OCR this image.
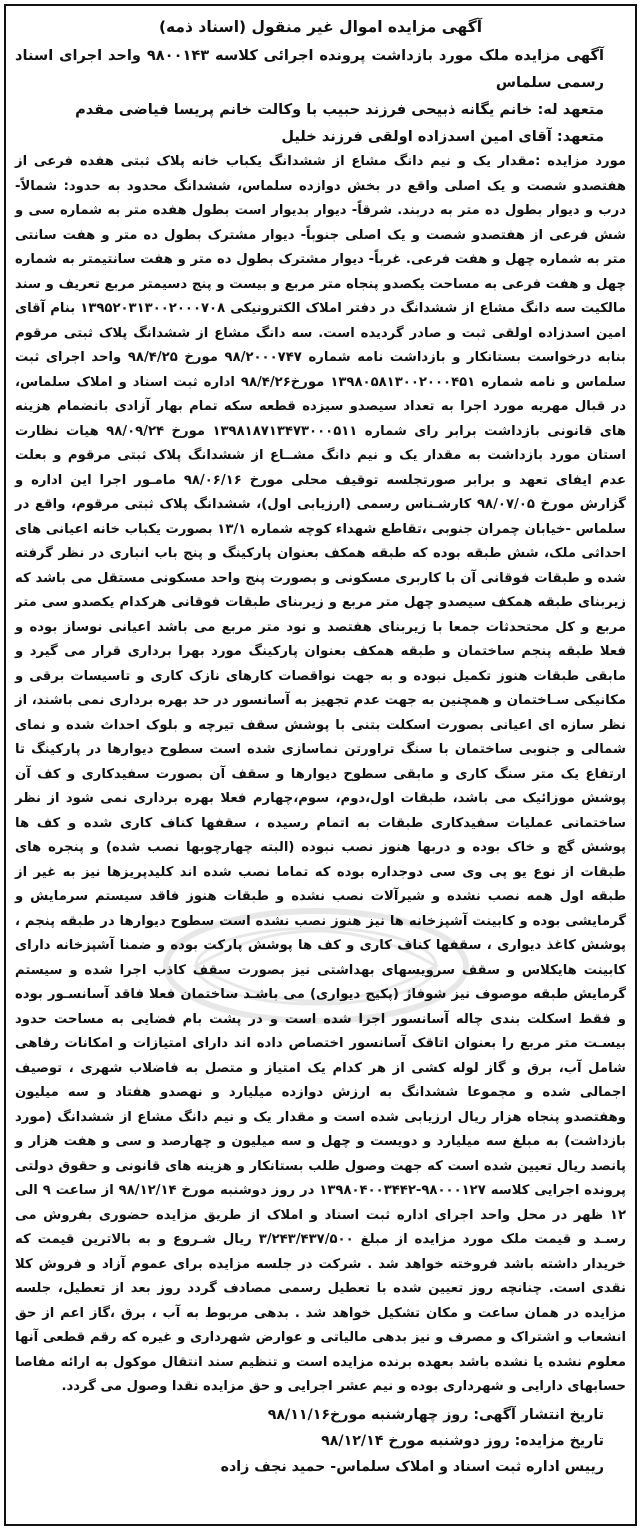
آگهی مزایده اموال غیر منقول (اسناد ذمه)
آگهی مزایده ملک مورد بازداشت پرونده اجرائی کلاسه ۹۸۰۰۱۴۳ واحد اجرای اسناد رسمی سلماس
متعهد له: خانم یگانه ذبیحی فرزند حبیب با وکالت خانم پریسا فیاضی مقدم
متعهد: آقای امین اسدزاده اولقی فرزند خلیل
مورد مزایده :مقدار یک و نیم دانگ مشاع از ششدانگ یکباب خانه پلاک ثبتی هفده فرعی از هفتصدو شصت و یک اصلی واقع در بخش دوازده سلماس، ششدانگ محدود به حدود: شمالاً- درب و دیوار بطول ده متر به دربند. شرقاً- دیوار بدیوار است بطول هفده متر به شماره سی و شش فرعی از هفتصدو شصت و یک اصلی جنوباً- دیوار مشترک بطول ده متر و هفت سانتی متر به شماره چهل و هفت فرعی. غرباً- دیوار مشترک بطول ده متر و هفت سانتیمتر به شماره چهل و هفت فرعی به مساحت یکصدو پنجاه متر مربع و بیست و پنج دسیمتر مربع تعریف و سند مالکیت سه دانگ مشاع از ششدانگ در دفتر املاک الکترونیکی ۱۳۹۵۲۰۳۱۳۰۰۲۰۰۰۷۰۸ بنام آقای امین اسدزاده اولقی ثبت و صادر گردیده است. سه دانگ مشاع از ششدانگ پلاک ثبتی مرقوم بنابه درخواست بستانکار و بازداشت نامه شماره ۹۸/۲۰۰۰۷۴۷ مورخ ۹۸/۴/۲۵ واحد اجرای ثبت سلماس و نامه شماره ۱۳۹۸۰۵۸۱۳۰۰۲۰۰۰۴۵۱ مورخ۹۸/۴/۲۶ اداره ثبت اسناد و املاک سلماس، در قبال مهریه مورد اجرا به تعداد سیصدو سیزده قطعه سکه تمام بهار آزادی بانضمام هزینه های قانونی بازداشت برابر رای شماره ۱۳۹۸۱۸۷۱۳۴۷۳۰۰۰۵۱۱ مورخ ۹۸/۰۹/۲۴ هیات نظارت استان مورد بازداشت به مقدار یک و نیم دانگ مشــاع از ششدانگ پلاک ثبتی مرقوم و بعلت عدم ایفای تعهد و برابر صورتجلسه توقیف محلی مورخ ۹۸/۰۶/۱۶ مامـور اجرا این اداره و گزارش مورخ ۹۸/۰۷/۰۵ کارشـناس رسمی (ارزیابی اول)، ششدانگ پلاک ثبتی مرقوم، واقع در سلماس -خیابان چمران جنوبی ،تقاطع شهداء کوچه شماره ۱۳/۱ بصورت یکباب خانه اعیانی های احداثی ملک، شش طبقه بوده که طبقه همکف بعنوان پارکینگ و پنج باب انباری در نظر گرفته شده و طبقات فوقانی آن با کاربری مسکونی و بصورت پنج واحد مسکونی مستقل می باشد که زیربنای طبقه همکف سیصدو چهل متر مربع و زیربنای طبقات فوقانی هرکدام یکصدو سی متر مربع و کل محتحدثات جمعا با زیربنای هفتصد و نود متر مربع می باشد اعیانی نوساز بوده و فعلا طبقه پنجم ساختمان و طبقه همکف بعنوان پارکینگ مورد بهرا برداری قرار می گیرد و مابقی طبقات هنوز تکمیل نبوده و به جهت نواقصات کارهای نازک کاری و تاسیسات برقی و مکانیکی سـاختمان و همچنین به جهت عدم تجهیز به آسانسور در حد بهره برداری نمی باشند، از نظر سازه ای اعیانی بصورت اسکلت بتنی با پوشش سقف تیرچه و بلوک احداث شده و نمای شمالی و جنوبی ساختمان با سنگ تراورتن نماسازی شده است سطوح دیوارها در پارکینگ تا ارتفاع یک متر سنگ کاری و مابقی سطوح دیوارها و سقف آن بصورت سفیدکاری و کف آن پوشش موزائیک می باشد، طبقات اول،دوم، سوم،چهارم فعلا بهره برداری نمی شود از نظر ساختمانی عملیات سفیدکاری طبقات به اتمام رسیده ، سقفها کناف کاری شده و کف ها پوشش گچ و خاک بوده و دربها هنوز نصب نبوده (البته چهارچوبها نصب شده) و پنجره های طبقات از نوع یو پی وی سی دوجداره بوده که تماما نصب شده اند کلیدپریزها نیز به غیر از طبقه اول همه نصب نشده و شیرآلات نصب نشده و طبقات هنوز فاقد سیستم سرمایش و گرمایشی بوده و کابینت آشپزخانه ها نیز هنوز نصب نشده است سطوح دیوارها در طبقه پنجم ، پوشش کاغذ دیواری ، سقفها کناف کاری و کف ها پوشش پارکت بوده و ضمنا آشپزخانه دارای کابینت هایکلاس و سقف سرویسهای بهداشتی نیز بصورت سقف کاذب اجرا شده و سیستم گرمایش طبقه موصوف نیز شوفاژ (پکیج دیواری) می باشـد ساختمان فعلا فاقد آسانسـور بوده و فقط اسکلت بندی چاله آسانسور اجرا شده است و در پشت بام فضایی به مساحت حدود بیسـت متر مربع را بعنوان اتاقک آسانسور اختصاص داده اند دارای امتیازات و امکانات رفاهی شامل آب، برق و گاز لوله کشی از هر کدام یک امتیاز و متصل به فاضلاب شهری ، توصیف اجمالی شده و مجموعا ششدانگ به ارزش دوازده میلیارد و نهصدو هفتاد و سه میلیون وهفتصدو پنجاه هزار ریال ارزیابی شده است و مقدار یک و نیم دانگ مشاع از ششدانگ (مورد بازداشت) به مبلغ سه میلیارد و دویست و چهل و سه میلیون و چهارصد و سی و هفت هزار و پانصد ریال تعیین شده است که جهت وصول طلب بستانکار و هزینه های قانونی و حقوق دولتی پرونده اجرایی کلاسه ۹۸۰۰۰۱۲۷-۱۳۹۸۰۴۰۰۳۴۴۲ در روز دوشنبه مورخ ۹۸/۱۲/۱۴ از ساعت ۹ الی ۱۲ ظهر در محل واحد اجرای اداره ثبت اسناد و املاک از طریق مزایده حضوری بفروش می رسـد و قیمت ملک مورد مزایده از مبلغ ۳/۲۴۳/۴۳۷/۵۰۰ ریال شـروع و به بالاترین قیمت که خریدار داشته باشد فروخته خواهد شد . شرکت در جلسه مزایده برای عموم آزاد و فروش کلا نقدی است. چنانچه روز تعیین شده با تعطیل رسمی مصادف گردد روز بعد از تعطیل، جلسه مزایده در همان ساعت و مکان تشکیل خواهد شد . بدهی مربوط به آب ، برق ،گاز اعم از حق انشعاب و اشتراک و مصرف و نیز بدهی مالیاتی و عوارض شهرداری و غیره که رقم قطعی آنها معلوم نشده یا نشده باشد بعهده برنده مزایده است و تنظیم سند انتقال موکول به ارائه مفاصا حسابهای دارایی و شهرداری بوده و نیم عشر اجرایی و حق مزایده نقدا وصول می گردد.
تاریخ انتشار آگهی: روز چهارشنبه مورخ۹۸/۱۱/۱۶
تاریخ مزایده: روز دوشنبه مورخ ۹۸/۱۲/۱۴
رییس اداره ثبت اسناد و املاک سلماس- حمید نجف زاده
